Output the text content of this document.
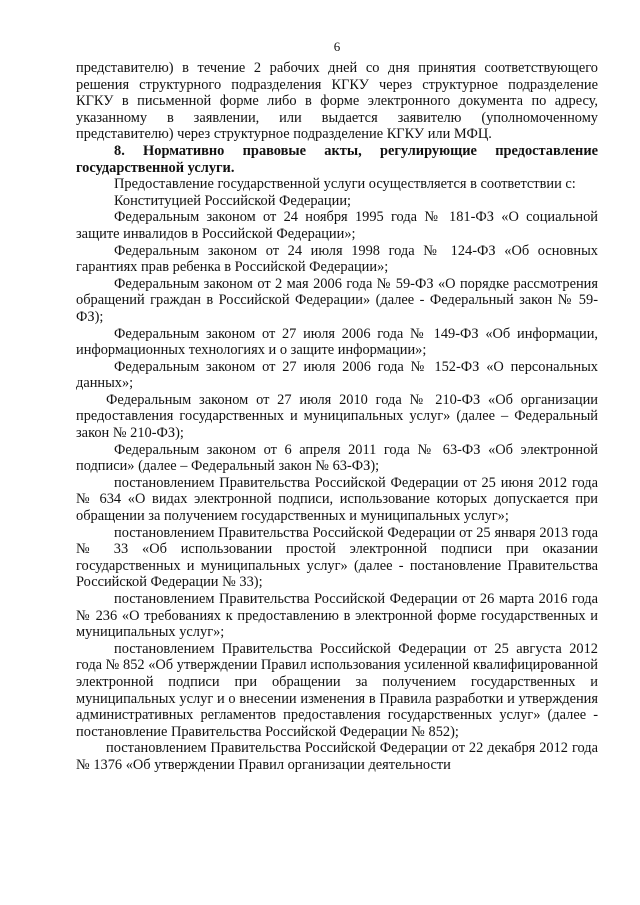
6

представителю) в течение 2 рабочих дней со дня принятия соответствующего решения структурного подразделения КГКУ через структурное подразделение КГКУ в письменной форме либо в форме электронного документа по адресу, указанному в заявлении, или выдается заявителю (уполномоченному представителю) через структурное подразделение КГКУ или МФЦ.

8. Нормативно правовые акты, регулирующие предоставление государственной услуги.

Предоставление государственной услуги осуществляется в соответствии с:

Конституцией Российской Федерации;

Федеральным законом от 24 ноября 1995 года № 181-ФЗ «О социальной защите инвалидов в Российской Федерации»;

Федеральным законом от 24 июля 1998 года № 124-ФЗ «Об основных гарантиях прав ребенка в Российской Федерации»;

Федеральным законом от 2 мая 2006 года № 59-ФЗ «О порядке рассмотрения обращений граждан в Российской Федерации» (далее - Федеральный закон № 59-ФЗ);

Федеральным законом от 27 июля 2006 года № 149-ФЗ «Об информации, информационных технологиях и о защите информации»;

Федеральным законом от 27 июля 2006 года № 152-ФЗ «О персональных данных»;

Федеральным законом от 27 июля 2010 года № 210-ФЗ «Об организации предоставления государственных и муниципальных услуг» (далее – Федеральный закон № 210-ФЗ);

Федеральным законом от 6 апреля 2011 года № 63-ФЗ «Об электронной подписи» (далее – Федеральный закон № 63-ФЗ);

постановлением Правительства Российской Федерации от 25 июня 2012 года № 634 «О видах электронной подписи, использование которых допускается при обращении за получением государственных и муниципальных услуг»;

постановлением Правительства Российской Федерации от 25 января 2013 года № 33 «Об использовании простой электронной подписи при оказании государственных и муниципальных услуг» (далее - постановление Правительства Российской Федерации № 33);

постановлением Правительства Российской Федерации от 26 марта 2016 года № 236 «О требованиях к предоставлению в электронной форме государственных и муниципальных услуг»;

постановлением Правительства Российской Федерации от 25 августа 2012 года № 852 «Об утверждении Правил использования усиленной квалифицированной электронной подписи при обращении за получением государственных и муниципальных услуг и о внесении изменения в Правила разработки и утверждения административных регламентов предоставления государственных услуг» (далее - постановление Правительства Российской Федерации № 852);

постановлением Правительства Российской Федерации от 22 декабря 2012 года № 1376 «Об утверждении Правил организации деятельности
